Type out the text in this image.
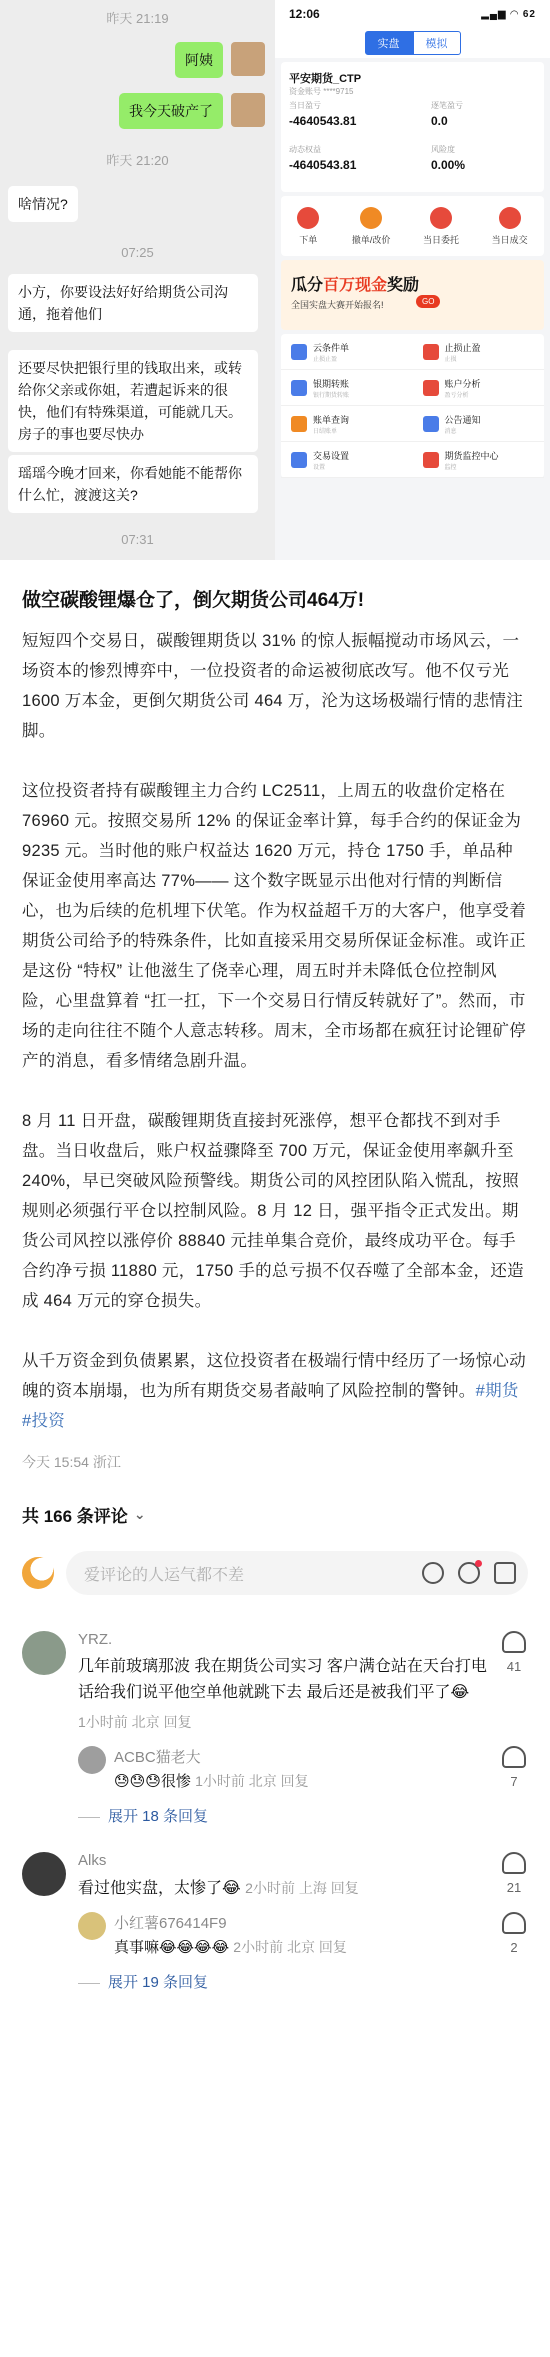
昨天 21:19
阿姨
我今天破产了
昨天 21:20
啥情况?
07:25
小方，你要设法好好给期货公司沟通，拖着他们
还要尽快把银行里的钱取出来，或转给你父亲或你姐，若遭起诉来的很快，他们有特殊渠道，可能就几天。房子的事也要尽快办
瑶瑶今晚才回来，你看她能不能帮你什么忙，渡渡这关?
07:31
12:06	▂▄▆ ◠ 62
实盘	模拟
平安期货_CTP
资金账号 ****9715
当日盈亏
-4640543.81
逐笔盈亏
0.0
动态权益
-4640543.81
风险度
0.00%
下单	撤单/改价	当日委托	当日成交
瓜分百万现金奖励
全国实盘大赛开始报名!	GO
云条件单
止损止盈
止损止盈
止损
银期转账
银行期货转账
账户分析
盈亏分析
账单查询
日结账单
公告通知
消息
交易设置
设置
期货监控中心
监控
做空碳酸锂爆仓了，倒欠期货公司464万!
短短四个交易日，碳酸锂期货以 31% 的惊人振幅搅动市场风云，一场资本的惨烈博弈中，一位投资者的命运被彻底改写。他不仅亏光 1600 万本金，更倒欠期货公司 464 万，沦为这场极端行情的悲情注脚。
这位投资者持有碳酸锂主力合约 LC2511，上周五的收盘价定格在 76960 元。按照交易所 12% 的保证金率计算，每手合约的保证金为 9235 元。当时他的账户权益达 1620 万元，持仓 1750 手，单品种保证金使用率高达 77%—— 这个数字既显示出他对行情的判断信心，也为后续的危机埋下伏笔。作为权益超千万的大客户，他享受着期货公司给予的特殊条件，比如直接采用交易所保证金标准。或许正是这份 “特权” 让他滋生了侥幸心理，周五时并未降低仓位控制风险，心里盘算着 “扛一扛，下一个交易日行情反转就好了”。然而，市场的走向往往不随个人意志转移。周末，全市场都在疯狂讨论锂矿停产的消息，看多情绪急剧升温。
8 月 11 日开盘，碳酸锂期货直接封死涨停，想平仓都找不到对手盘。当日收盘后，账户权益骤降至 700 万元，保证金使用率飙升至 240%，早已突破风险预警线。期货公司的风控团队陷入慌乱，按照规则必须强行平仓以控制风险。8 月 12 日，强平指令正式发出。期货公司风控以涨停价 88840 元挂单集合竞价，最终成功平仓。每手合约净亏损 11880 元，1750 手的总亏损不仅吞噬了全部本金，还造成 464 万元的穿仓损失。
从千万资金到负债累累，这位投资者在极端行情中经历了一场惊心动魄的资本崩塌，也为所有期货交易者敲响了风险控制的警钟。#期货#投资
今天 15:54 浙江
共 166 条评论 ⌄
爱评论的人运气都不差
YRZ.
几年前玻璃那波 我在期货公司实习 客户满仓站在天台打电话给我们说平他空单他就跳下去 最后还是被我们平了😂
1小时前 北京 回复
41
ACBC猫老大
😓😓😓很惨 1小时前 北京 回复	7
展开 18 条回复
Alks
看过他实盘，太惨了😂 2小时前 上海 回复	21
小红薯676414F9
真事嘛😂😂😂😂 2小时前 北京 回复	2
展开 19 条回复
